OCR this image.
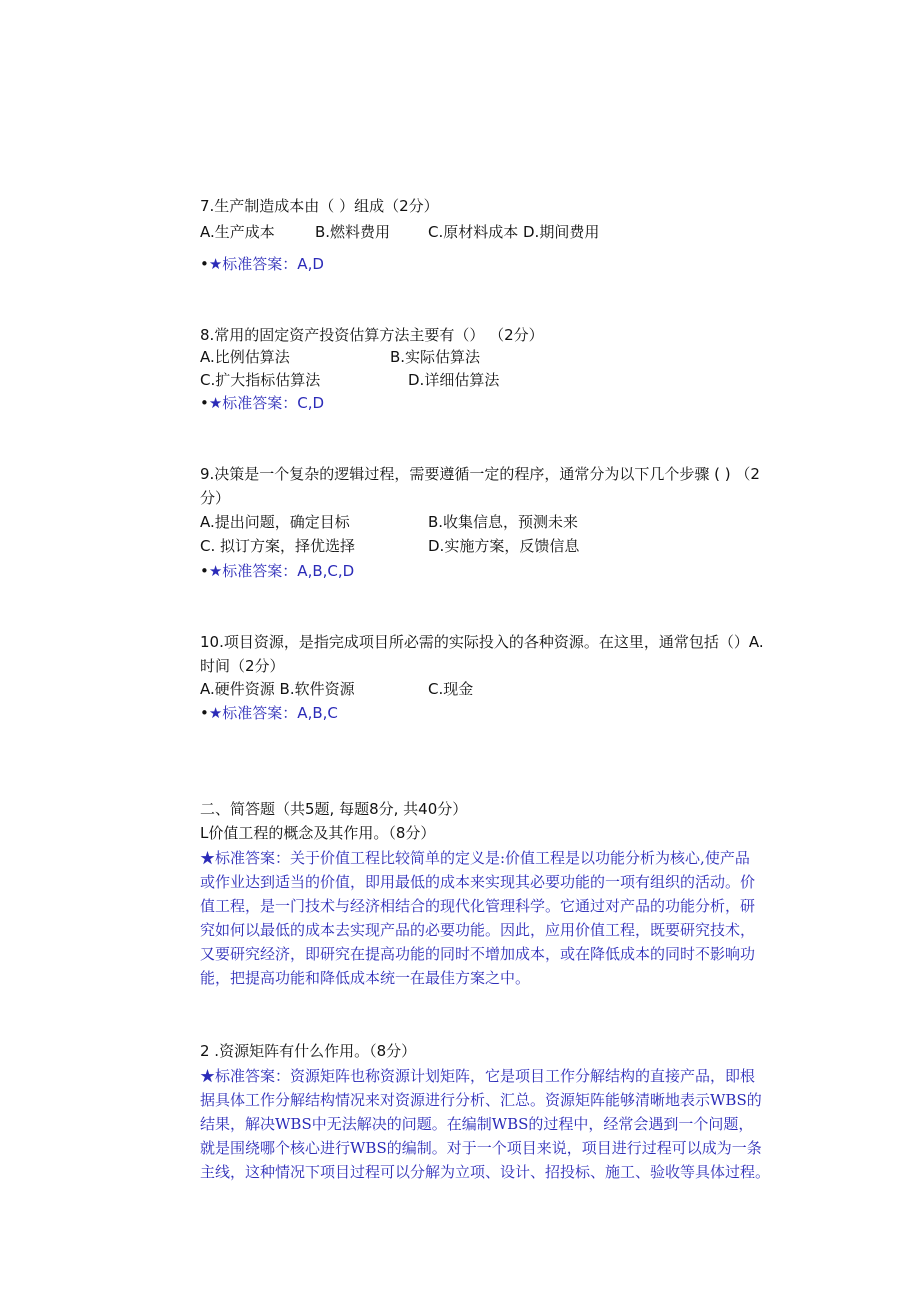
7.生产制造成本由（ ）组成（2分）
A.生产成本	B.燃料费用	C.原材料成本 D.期间费用
•★标准答案：A,D
8.常用的固定资产投资估算方法主要有（） （2分）
A.比例估算法	B.实际估算法
C.扩大指标估算法	D.详细估算法
•★标准答案：C,D
9.决策是一个复杂的逻辑过程，需要遵循一定的程序，通常分为以下几个步骤 ( ) （2
分）
A.提出问题，确定目标	B.收集信息，预测未来
C. 拟订方案，择优选择	D.实施方案，反馈信息
•★标准答案：A,B,C,D
10.项目资源，是指完成项目所必需的实际投入的各种资源。在这里，通常包括（）A.
时间（2分）
A.硬件资源 B.软件资源	C.现金
•★标准答案：A,B,C
二、简答题（共5题, 每题8分, 共40分）
L价值工程的概念及其作用。（8分）
★标准答案：关于价值工程比较简单的定义是:价值工程是以功能分析为核心,使产品
或作业达到适当的价值，即用最低的成本来实现其必要功能的一项有组织的活动。价
值工程，是一门技术与经济相结合的现代化管理科学。它通过对产品的功能分析，研
究如何以最低的成本去实现产品的必要功能。因此，应用价值工程，既要研究技术，
又要研究经济，即研究在提高功能的同时不增加成本，或在降低成本的同时不影响功
能，把提高功能和降低成本统一在最佳方案之中。
2 .资源矩阵有什么作用。（8分）
★标准答案：资源矩阵也称资源计划矩阵，它是项目工作分解结构的直接产品，即根
据具体工作分解结构情况来对资源进行分析、汇总。资源矩阵能够清晰地表示WBS的
结果，解决WBS中无法解决的问题。在编制WBS的过程中，经常会遇到一个问题，
就是围绕哪个核心进行WBS的编制。对于一个项目来说，项目进行过程可以成为一条
主线，这种情况下项目过程可以分解为立项、设计、招投标、施工、验收等具体过程。
